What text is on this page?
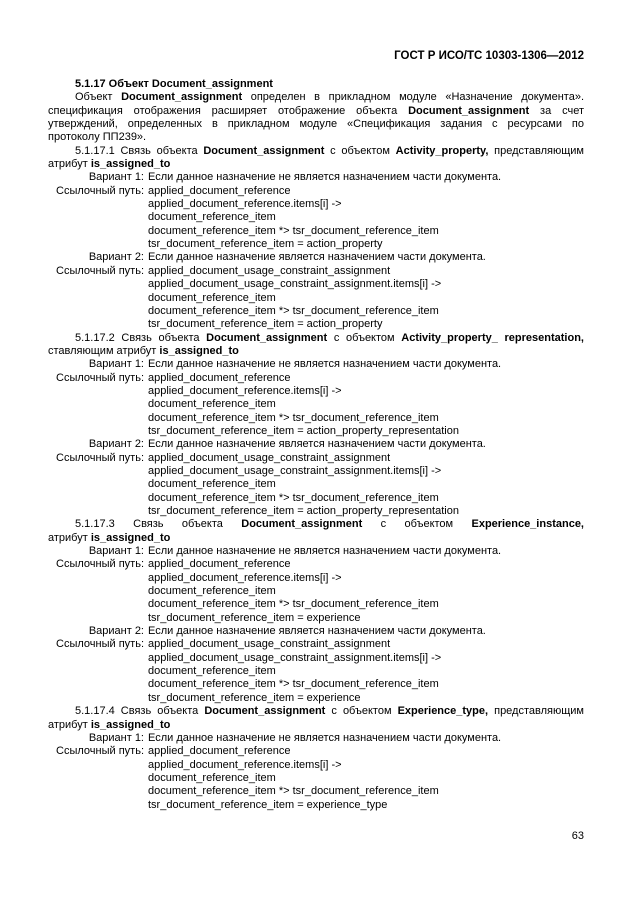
ГОСТ Р ИСО/ТС 10303-1306—2012
5.1.17 Объект Document_assignment
Объект Document_assignment определен в прикладном модуле «Назначение документа».
спецификация отображения расширяет отображение объекта Document_assignment за счет
утверждений, определенных в прикладном модуле «Спецификация задания с ресурсами по
протоколу ПП239».
5.1.17.1 Связь объекта Document_assignment с объектом Activity_property, представляющим
атрибут is_assigned_to
Вариант 1: Если данное назначение не является назначением части документа.
Ссылочный путь: applied_document_reference
applied_document_reference.items[i] ->
document_reference_item
document_reference_item *> tsr_document_reference_item
tsr_document_reference_item = action_property
Вариант 2: Если данное назначение является назначением части документа.
Ссылочный путь: applied_document_usage_constraint_assignment
applied_document_usage_constraint_assignment.items[i] ->
document_reference_item
document_reference_item *> tsr_document_reference_item
tsr_document_reference_item = action_property
5.1.17.2 Связь объекта Document_assignment с объектом Activity_property_ representation,
ставляющим атрибут is_assigned_to
Вариант 1: Если данное назначение не является назначением части документа.
Ссылочный путь: applied_document_reference
applied_document_reference.items[i] ->
document_reference_item
document_reference_item *> tsr_document_reference_item
tsr_document_reference_item = action_property_representation
Вариант 2: Если данное назначение является назначением части документа.
Ссылочный путь: applied_document_usage_constraint_assignment
applied_document_usage_constraint_assignment.items[i] ->
document_reference_item
document_reference_item *> tsr_document_reference_item
tsr_document_reference_item = action_property_representation
5.1.17.3 Связь объекта Document_assignment с объектом Experience_instance,
атрибут is_assigned_to
Вариант 1: Если данное назначение не является назначением части документа.
Ссылочный путь: applied_document_reference
applied_document_reference.items[i] ->
document_reference_item
document_reference_item *> tsr_document_reference_item
tsr_document_reference_item = experience
Вариант 2: Если данное назначение является назначением части документа.
Ссылочный путь: applied_document_usage_constraint_assignment
applied_document_usage_constraint_assignment.items[i] ->
document_reference_item
document_reference_item *> tsr_document_reference_item
tsr_document_reference_item = experience
5.1.17.4 Связь объекта Document_assignment с объектом Experience_type, представляющим
атрибут is_assigned_to
Вариант 1: Если данное назначение не является назначением части документа.
Ссылочный путь: applied_document_reference
applied_document_reference.items[i] ->
document_reference_item
document_reference_item *> tsr_document_reference_item
tsr_document_reference_item = experience_type
63
